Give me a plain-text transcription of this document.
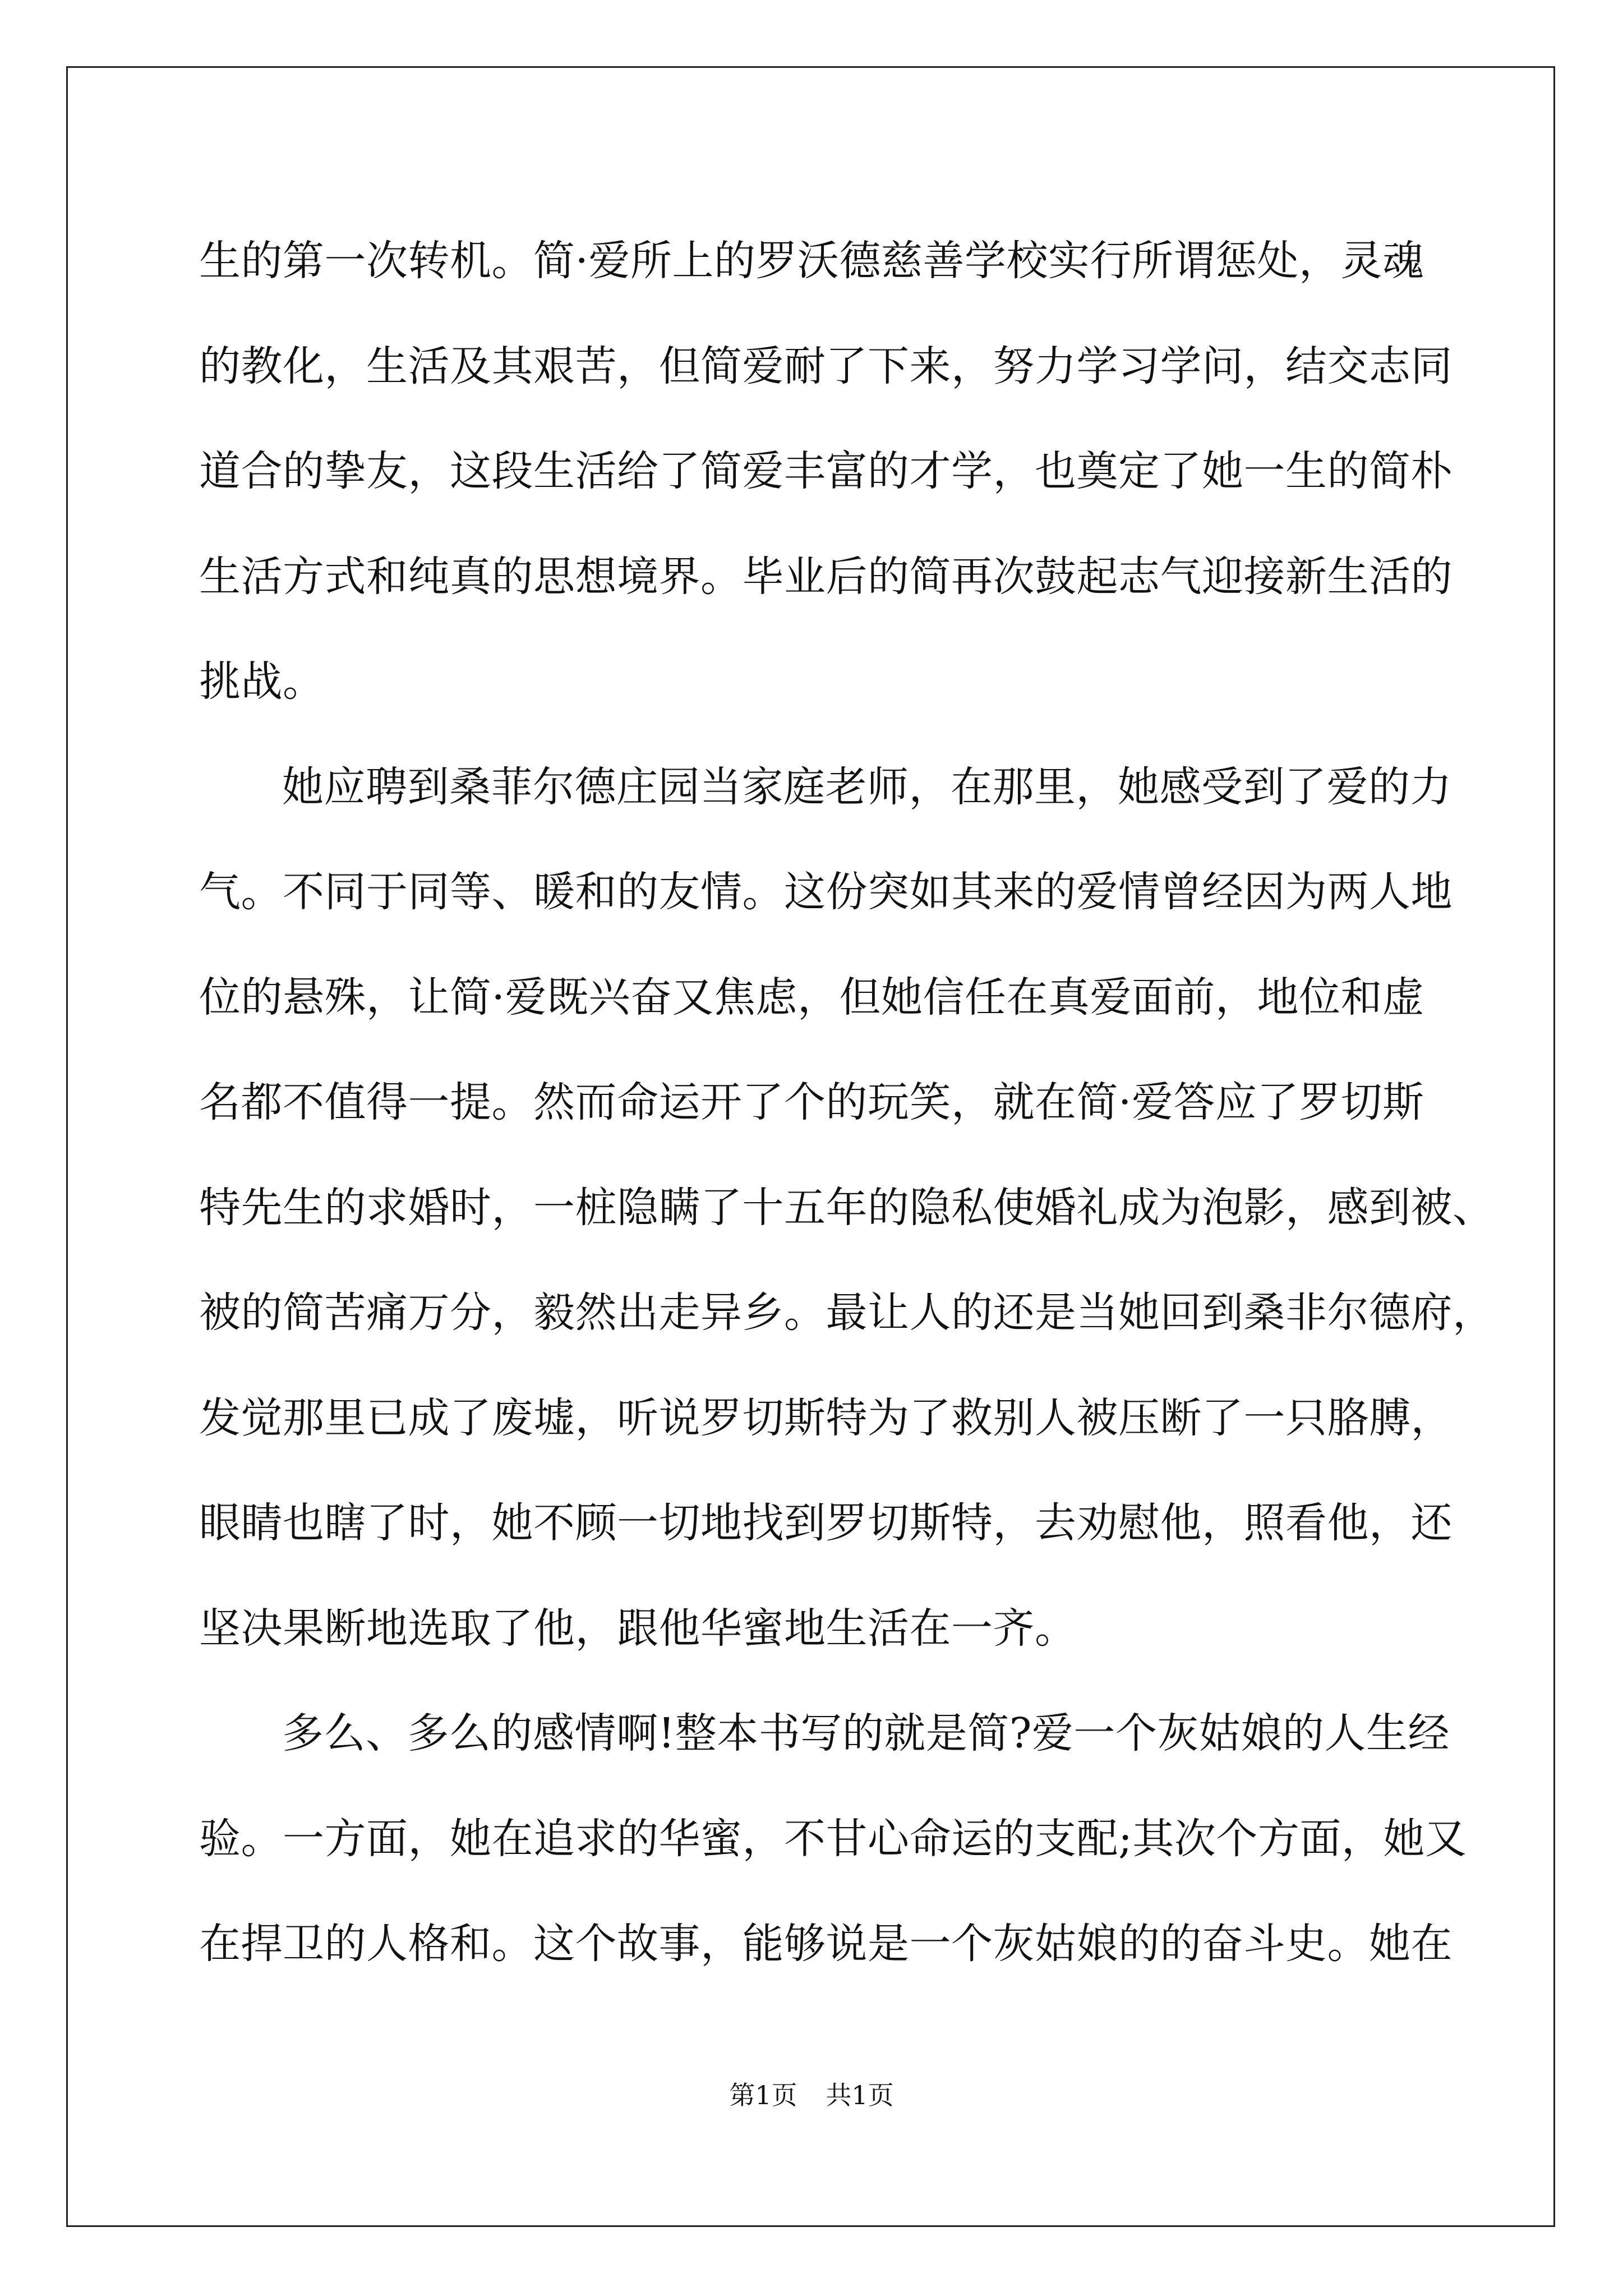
生的第一次转机。简·爱所上的罗沃德慈善学校实行所谓惩处，灵魂
的教化，生活及其艰苦，但简爱耐了下来，努力学习学问，结交志同
道合的挚友，这段生活给了简爱丰富的才学，也奠定了她一生的简朴
生活方式和纯真的思想境界。毕业后的简再次鼓起志气迎接新生活的
挑战。
她应聘到桑菲尔德庄园当家庭老师，在那里，她感受到了爱的力
气。不同于同等、暖和的友情。这份突如其来的爱情曾经因为两人地
位的悬殊，让简·爱既兴奋又焦虑，但她信任在真爱面前，地位和虚
名都不值得一提。然而命运开了个的玩笑，就在简·爱答应了罗切斯
特先生的求婚时，一桩隐瞒了十五年的隐私使婚礼成为泡影，感到被、
被的简苦痛万分，毅然出走异乡。最让人的还是当她回到桑非尔德府，
发觉那里已成了废墟，听说罗切斯特为了救别人被压断了一只胳膊，
眼睛也瞎了时，她不顾一切地找到罗切斯特，去劝慰他，照看他，还
坚决果断地选取了他，跟他华蜜地生活在一齐。
多么、多么的感情啊!整本书写的就是简?爱一个灰姑娘的人生经
验。一方面，她在追求的华蜜，不甘心命运的支配;其次个方面，她又
在捍卫的人格和。这个故事，能够说是一个灰姑娘的的奋斗史。她在
第1页 共1页
